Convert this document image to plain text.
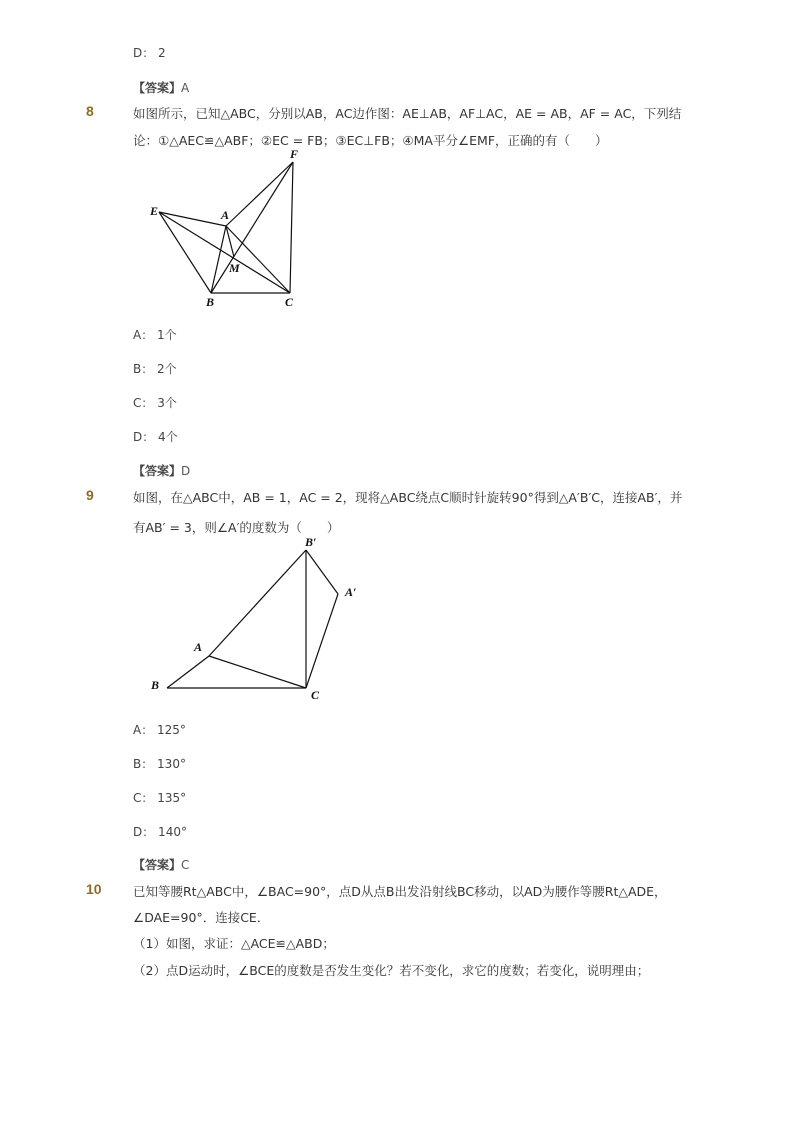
D： 2
【答案】A
8	如图所示，已知△ABC，分别以AB，AC边作图：AE⊥AB，AF⊥AC，AE = AB，AF = AC，下列结
论：①△AEC≌△ABF；②EC = FB；③EC⊥FB；④MA平分∠EMF，正确的有（　　）
E	A
F
M
B	C
A： 1个
B： 2个
C： 3个
D： 4个
【答案】D
9	如图，在△ABC中，AB = 1，AC = 2，现将△ABC绕点C顺时针旋转90°得到△A′B′C，连接AB′，并
有AB′ = 3，则∠A′的度数为（　　）
B′
A′
A
B
C
A： 125°
B： 130°
C： 135°
D： 140°
【答案】C
10	已知等腰Rt△ABC中，∠BAC=90°，点D从点B出发沿射线BC移动，以AD为腰作等腰Rt△ADE，
∠DAE=90°．连接CE．
（1）如图，求证：△ACE≌△ABD；
（2）点D运动时，∠BCE的度数是否发生变化？若不变化，求它的度数；若变化，说明理由；
